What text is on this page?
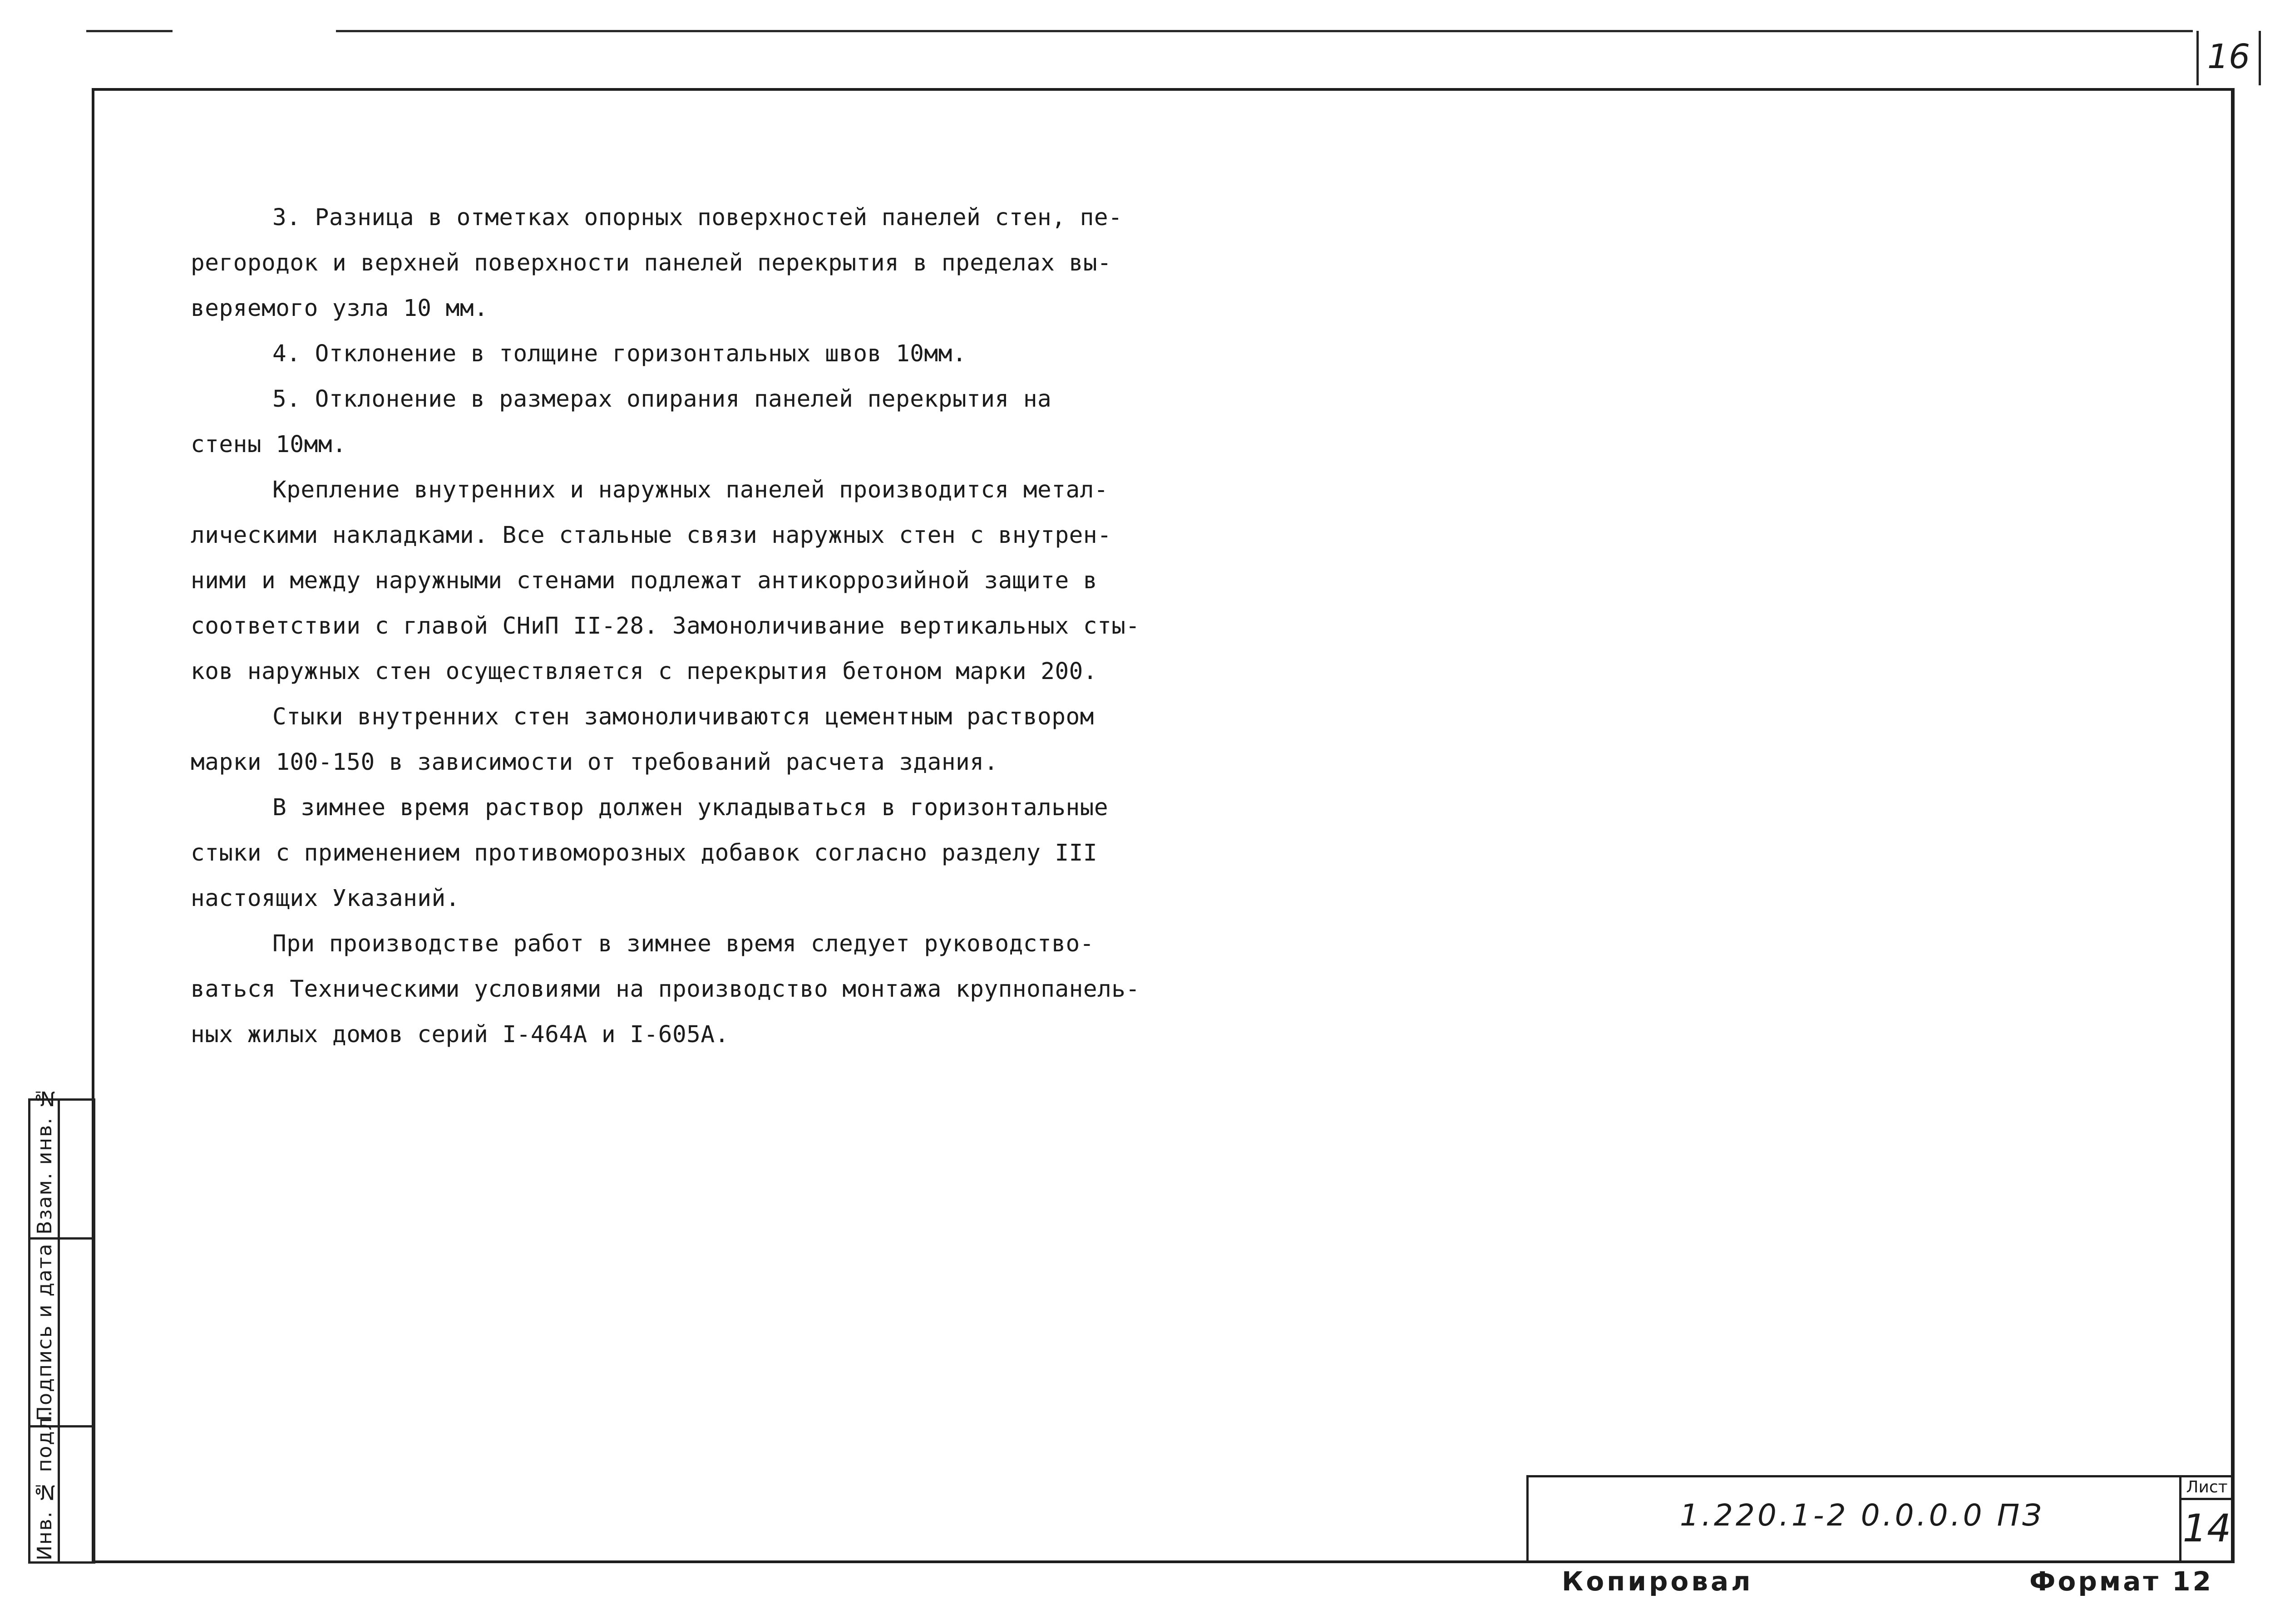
16
Взам. инв. №
Подпись и дата
Инв. № подл.

3. Разница в отметках опорных поверхностей панелей стен, пе-
регородок и верхней поверхности панелей перекрытия в пределах вы-
веряемого узла 10 мм.

4. Отклонение в толщине горизонтальных швов 10мм.

5. Отклонение в размерах опирания панелей перекрытия на
стены 10мм.

Крепление внутренних и наружных панелей производится метал-
лическими накладками. Все стальные связи наружных стен с внутрен-
ними и между наружными стенами подлежат антикоррозийной защите в
соответствии с главой СНиП II-28. Замоноличивание вертикальных сты-
ков наружных стен осуществляется с перекрытия бетоном марки 200.

Стыки внутренних стен замоноличиваются цементным раствором
марки 100-150 в зависимости от требований расчета здания.

В зимнее время раствор должен укладываться в горизонтальные
стыки с применением противоморозных добавок согласно разделу III
настоящих Указаний.

При производстве работ в зимнее время следует руководство-
ваться Техническими условиями на производство монтажа крупнопанель-
ных жилых домов серий I-464А и I-605А.

1.220.1-2 0.0.0.0 ПЗ
Лист
14
Копировал	Формат 12
